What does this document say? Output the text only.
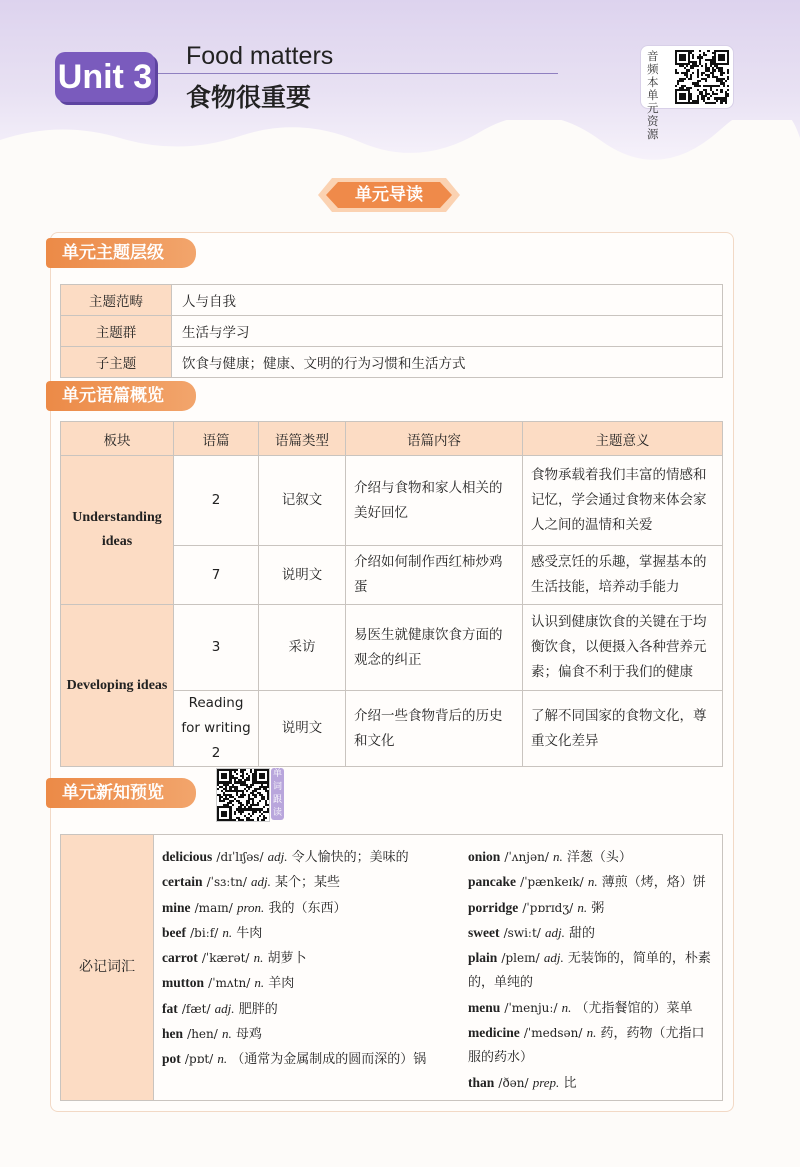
Unit 3
Food matters
食物很重要
音频本单元资源
单元导读
单元主题层级
主题范畴	人与自我
主题群	生活与学习
子主题	饮食与健康；健康、文明的行为习惯和生活方式
单元语篇概览
板块	语篇	语篇类型	语篇内容	主题意义
Understanding ideas	2	记叙文	介绍与食物和家人相关的美好回忆	食物承载着我们丰富的情感和记忆，学会通过食物来体会家人之间的温情和关爱
	7	说明文	介绍如何制作西红柿炒鸡蛋	感受烹饪的乐趣，掌握基本的生活技能，培养动手能力
Developing ideas	3	采访	易医生就健康饮食方面的观念的纠正	认识到健康饮食的关键在于均衡饮食，以便摄入各种营养元素；偏食不利于我们的健康
	Reading for writing 2	说明文	介绍一些食物背后的历史和文化	了解不同国家的食物文化，尊重文化差异
单元新知预览
单词跟读
必记词汇	
delicious /dɪˈlɪʃəs/ adj. 令人愉快的；美味的
certain /ˈsɜːtn/ adj. 某个；某些
mine /maɪn/ pron. 我的（东西）
beef /biːf/ n. 牛肉
carrot /ˈkærət/ n. 胡萝卜
mutton /ˈmʌtn/ n. 羊肉
fat /fæt/ adj. 肥胖的
hen /hen/ n. 母鸡
pot /pɒt/ n. （通常为金属制成的圆而深的）锅

onion /ˈʌnjən/ n. 洋葱（头）
pancake /ˈpænkeɪk/ n. 薄煎（烤，烙）饼
porridge /ˈpɒrɪdʒ/ n. 粥
sweet /swiːt/ adj. 甜的
plain /pleɪn/ adj. 无装饰的，简单的，朴素的，单纯的
menu /ˈmenjuː/ n. （尤指餐馆的）菜单
medicine /ˈmedsən/ n. 药，药物（尤指口服的药水）
than /ðən/ prep. 比
